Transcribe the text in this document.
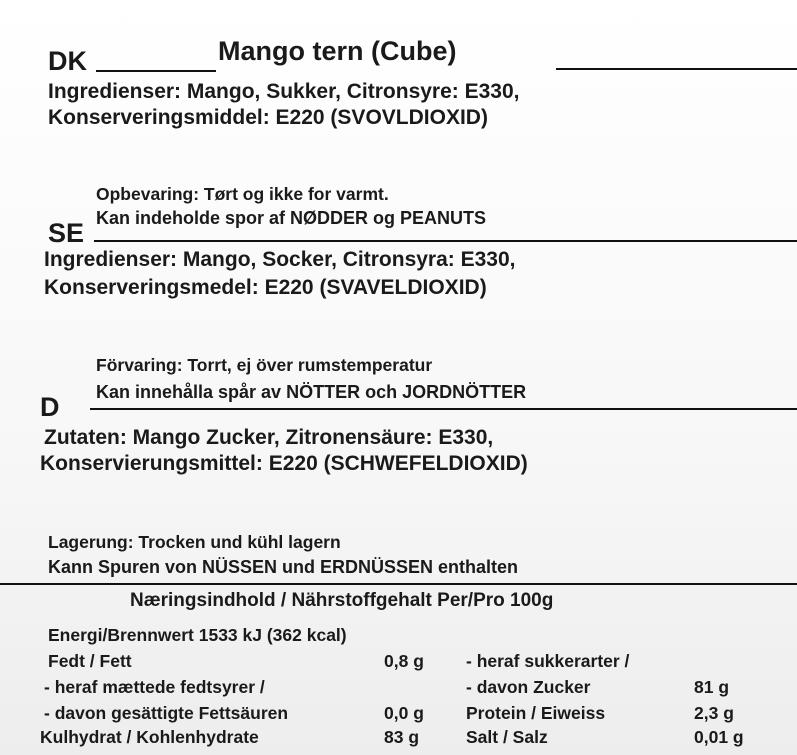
DK	Mango tern (Cube)
Ingredienser: Mango, Sukker, Citronsyre: E330,
Konserveringsmiddel: E220 (SVOVLDIOXID)
Opbevaring: Tørt og ikke for varmt.
Kan indeholde spor af NØDDER og PEANUTS
SE
Ingredienser: Mango, Socker, Citronsyra: E330,
Konserveringsmedel: E220 (SVAVELDIOXID)
Förvaring: Torrt, ej över rumstemperatur
Kan innehålla spår av NÖTTER och JORDNÖTTER
D
Zutaten: Mango Zucker, Zitronensäure: E330,
Konservierungsmittel: E220 (SCHWEFELDIOXID)
Lagerung: Trocken und kühl lagern
Kann Spuren von NÜSSEN und ERDNÜSSEN enthalten
Næringsindhold / Nährstoffgehalt Per/Pro 100g
Energi/Brennwert 1533 kJ (362 kcal)
Fedt / Fett	0,8 g
- heraf mættede fedtsyrer /
- davon gesättigte Fettsäuren	0,0 g
Kulhydrat / Kohlenhydrate	83 g
- heraf sukkerarter /
- davon Zucker	81 g
Protein / Eiweiss	2,3 g
Salt / Salz	0,01 g
